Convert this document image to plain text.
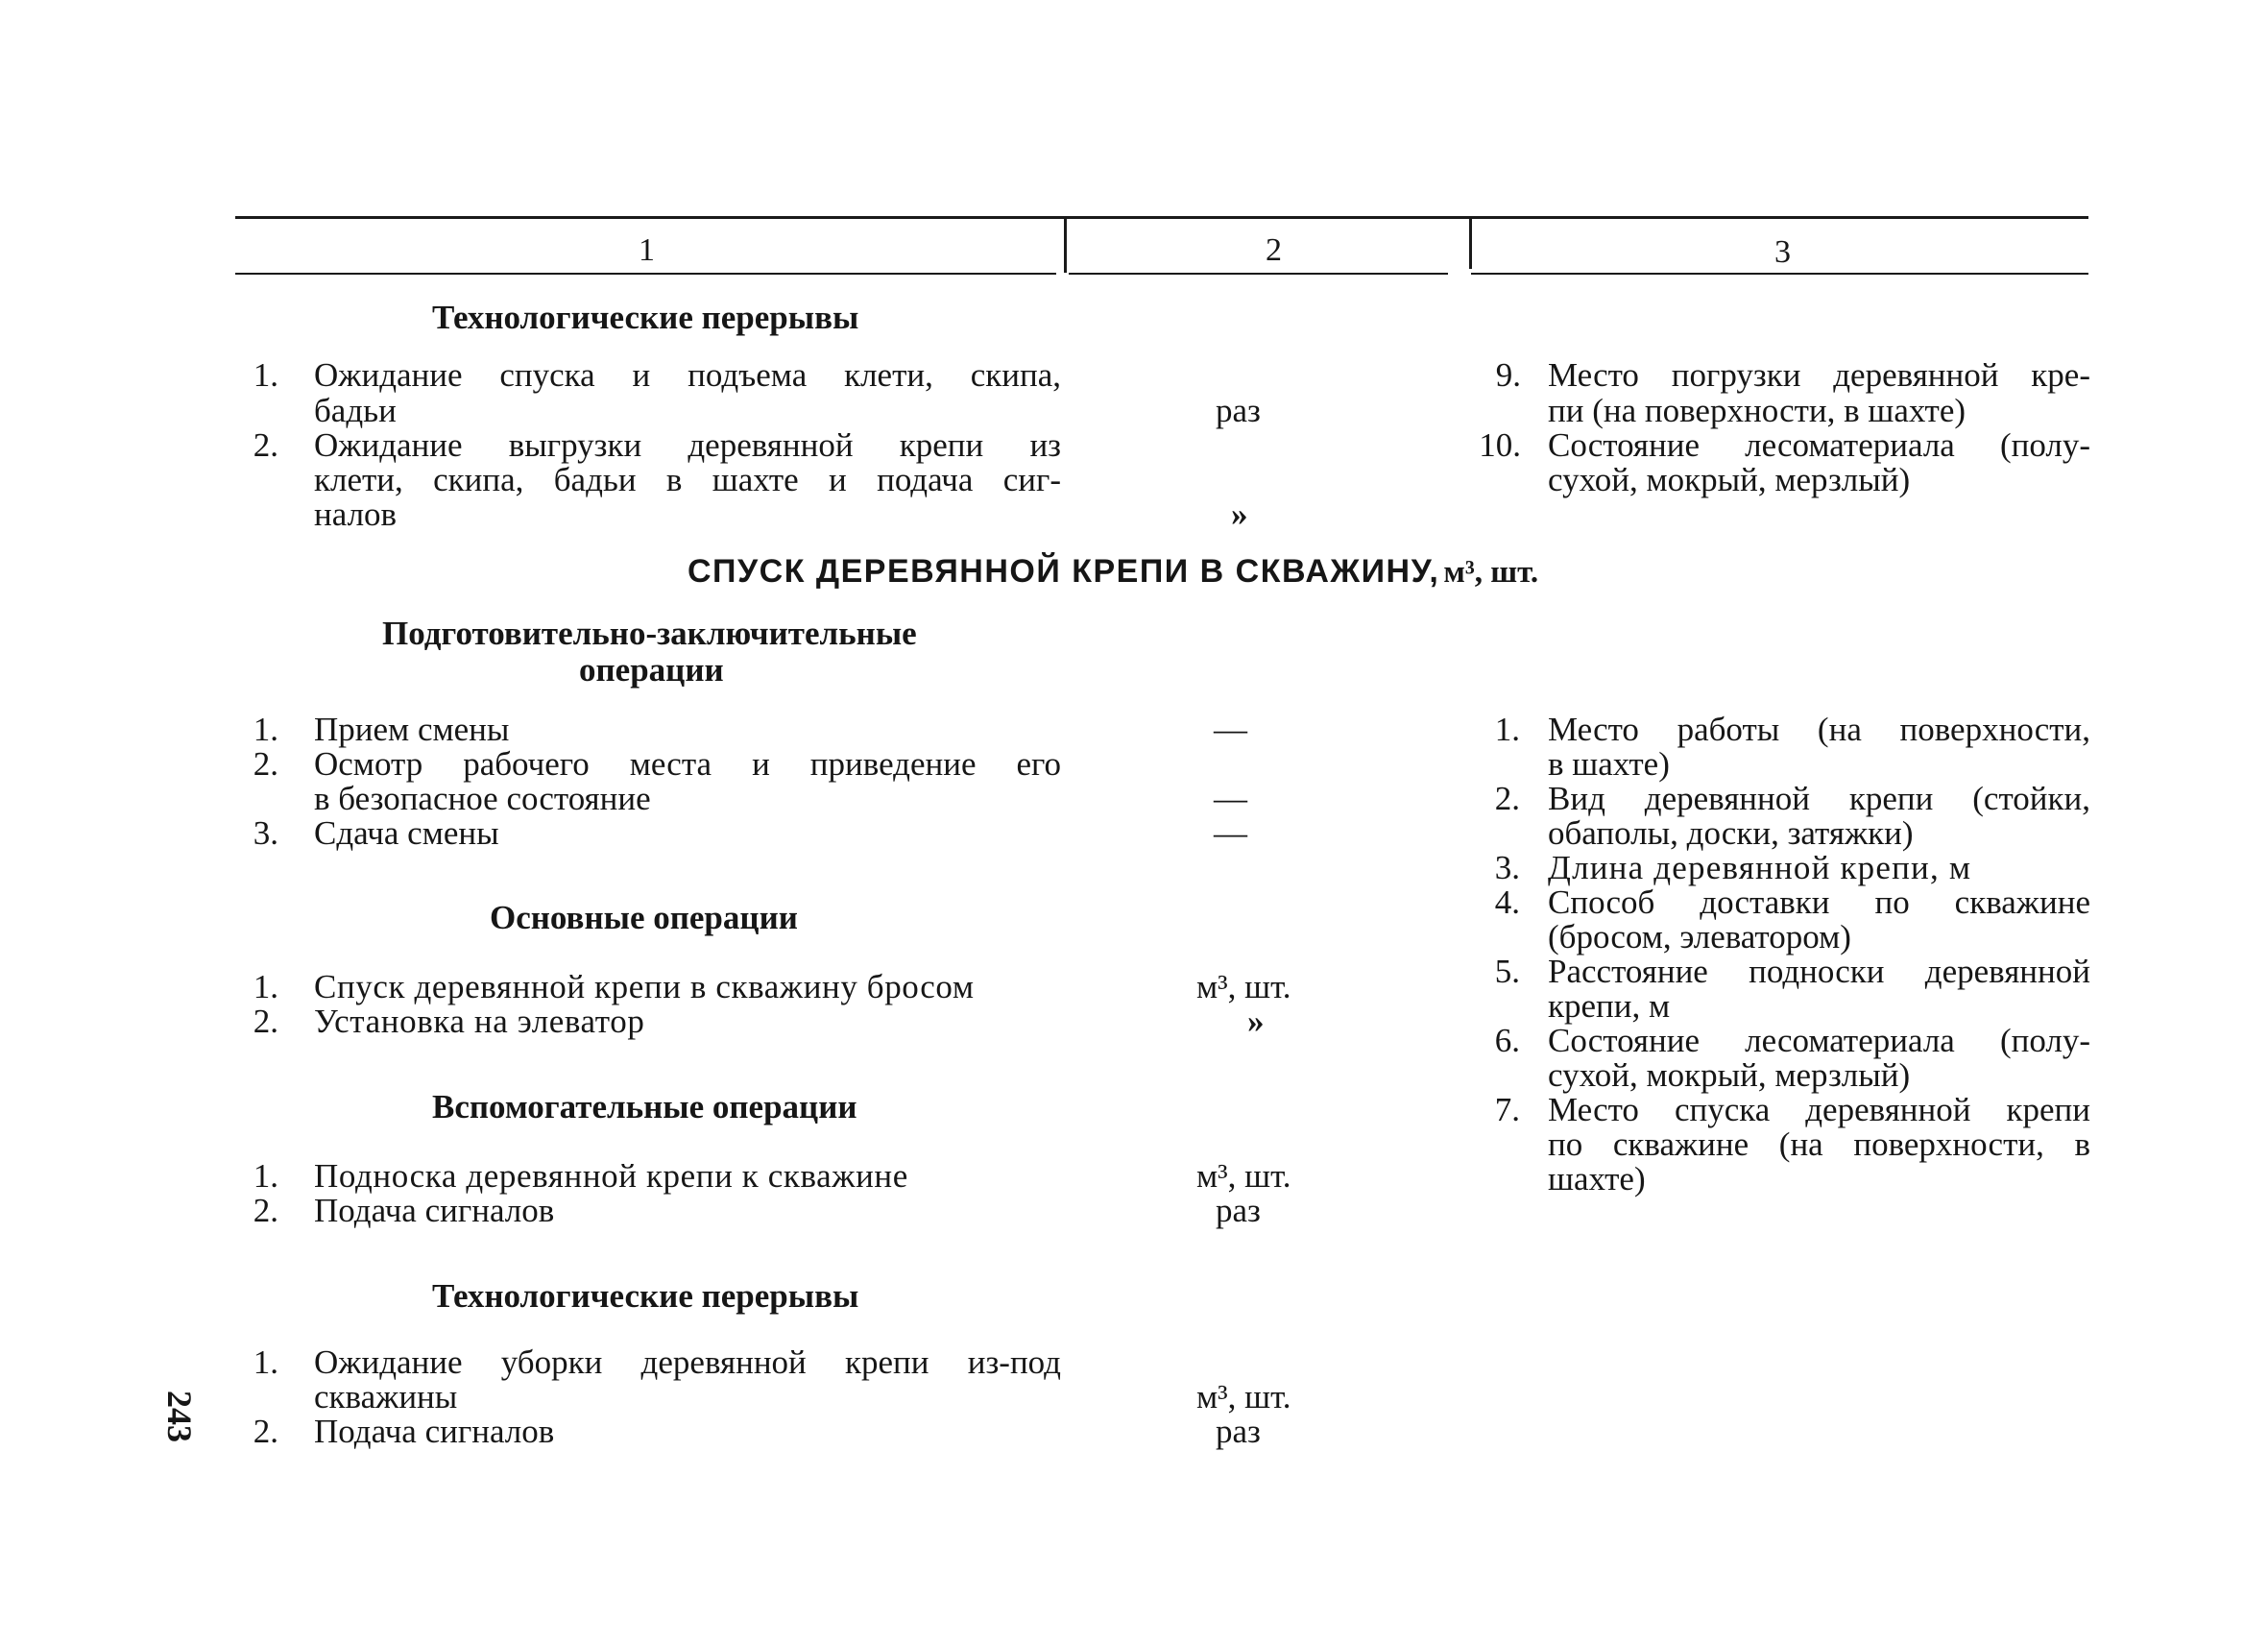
1	2	3
Технологические перерывы
1. Ожидание спуска и подъема клети, скипа,
бадьи
2. Ожидание выгрузки деревянной крепи из
клети, скипа, бадьи в шахте и подача сиг-
налов
раз
»
9. Место погрузки деревянной кре-
пи (на поверхности, в шахте)
10. Состояние лесоматериала (полу-
сухой, мокрый, мерзлый)
СПУСК ДЕРЕВЯННОЙ КРЕПИ В СКВАЖИНУ, м³, шт.
Подготовительно-заключительные
операции
1. Прием смены
2. Осмотр рабочего места и приведение его
в безопасное состояние
3. Сдача смены
—
—
—
Основные операции
1. Спуск деревянной крепи в скважину бросом
2. Установка на элеватор
м³, шт.
»
Вспомогательные операции
1. Подноска деревянной крепи к скважине
2. Подача сигналов
м³, шт.
раз
Технологические перерывы
1. Ожидание уборки деревянной крепи из-под
скважины
2. Подача сигналов
м³, шт.
раз
1. Место работы (на поверхности,
в шахте)
2. Вид деревянной крепи (стойки,
обаполы, доски, затяжки)
3. Длина деревянной крепи, м
4. Способ доставки по скважине
(бросом, элеватором)
5. Расстояние подноски деревянной
крепи, м
6. Состояние лесоматериала (полу-
сухой, мокрый, мерзлый)
7. Место спуска деревянной крепи
по скважине (на поверхности, в
шахте)
243
